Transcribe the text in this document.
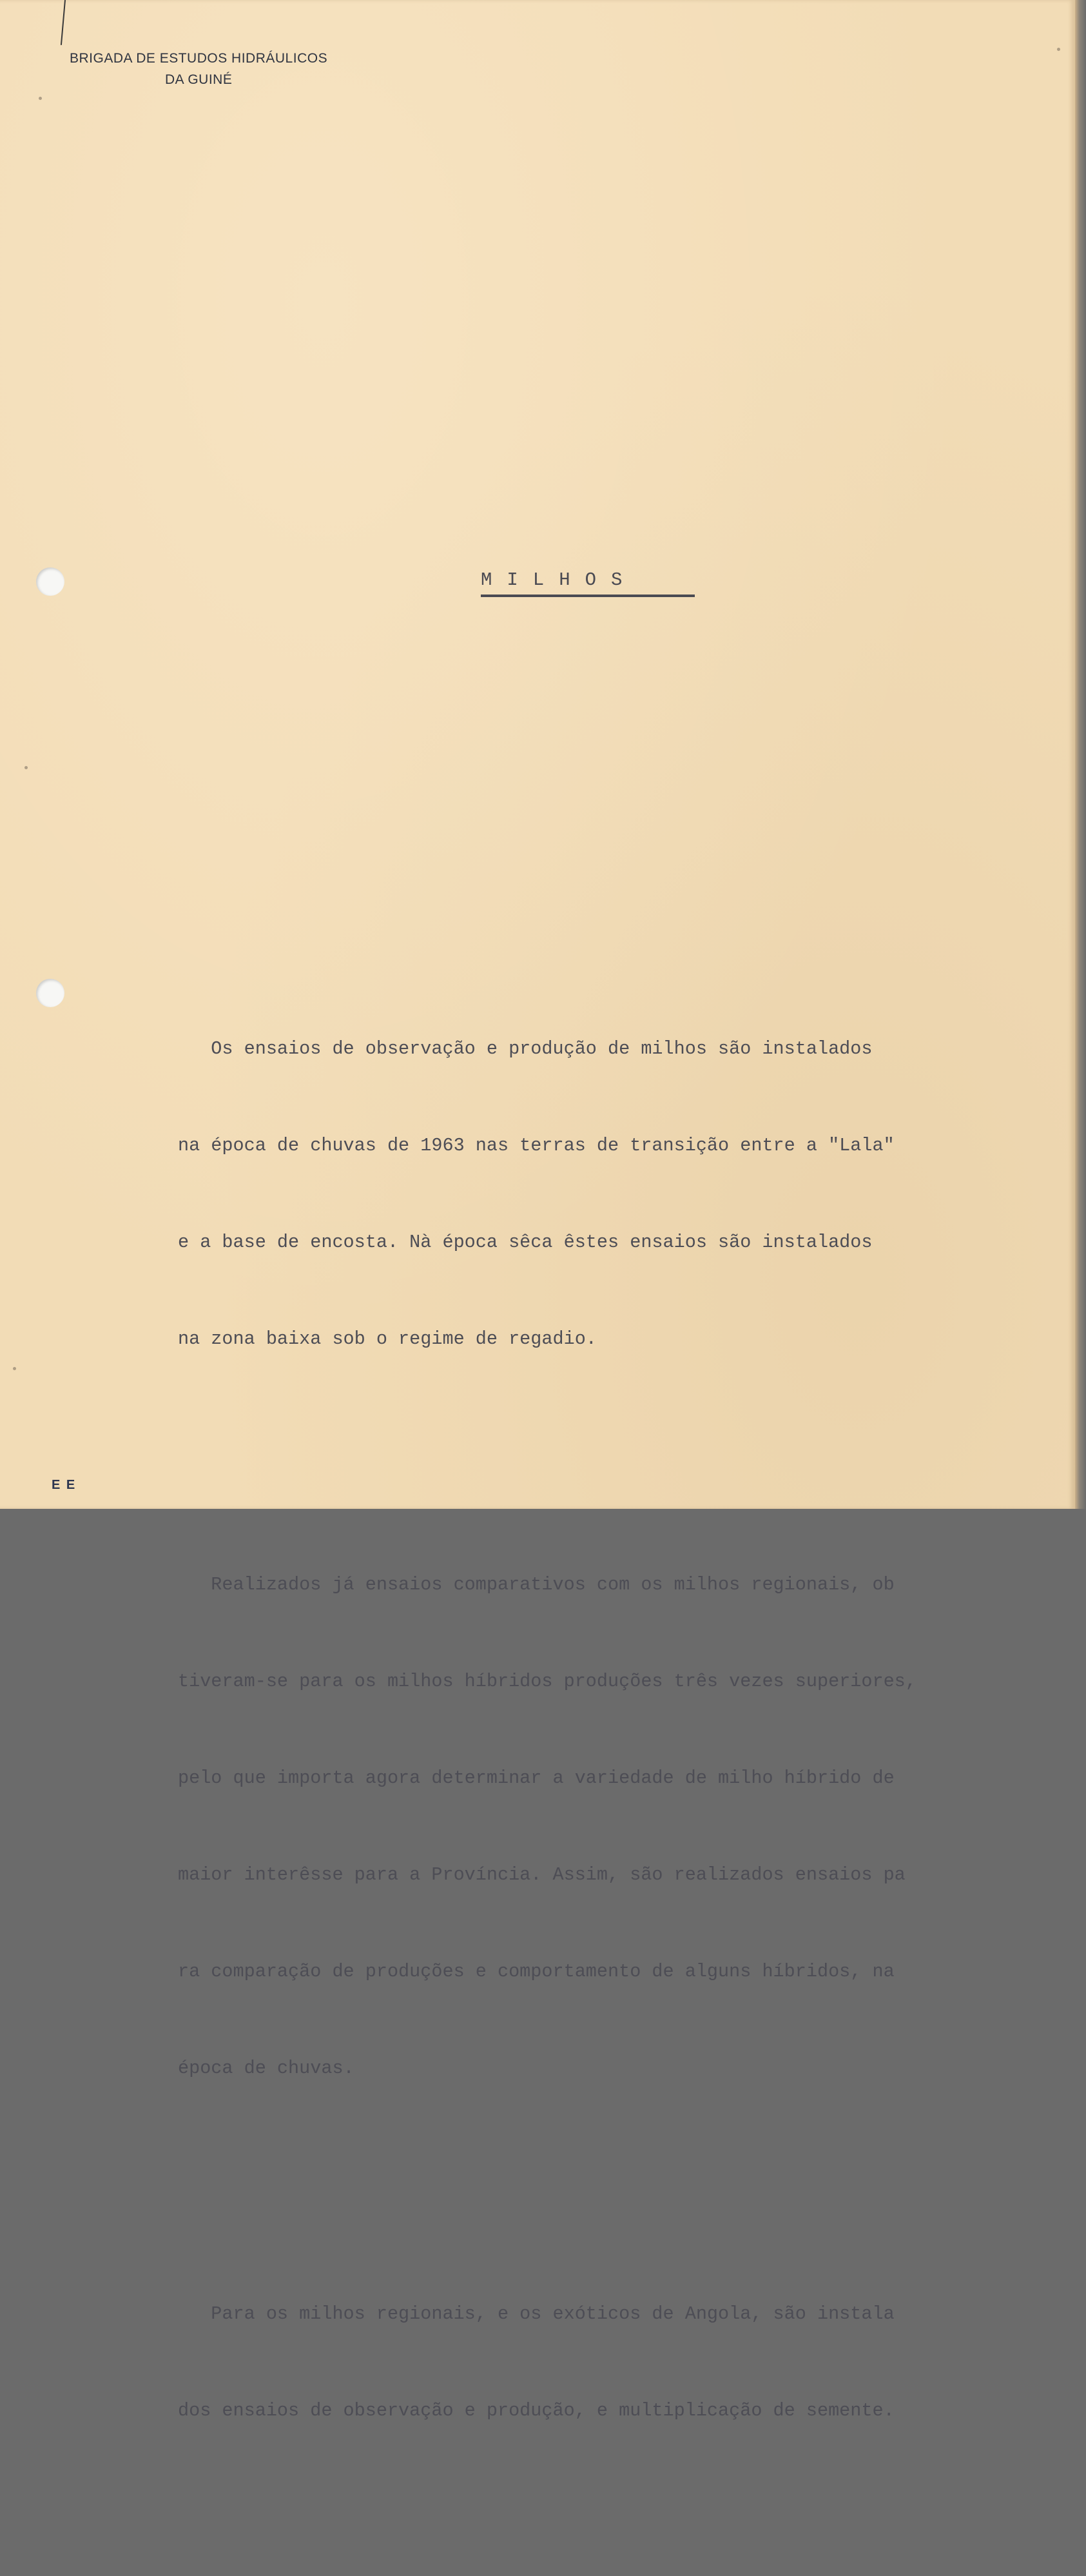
BRIGADA DE ESTUDOS HIDRÁULICOS
DA GUINÉ
MILHOS

Os ensaios de observação e produção de milhos são instalados

na época de chuvas de 1963 nas terras de transição entre a "Lala"

e a base de encosta. Nà época sêca êstes ensaios são instalados

na zona baixa sob o regime de regadio.

Realizados já ensaios comparativos com os milhos regionais, ob

tiveram-se para os milhos híbridos produções três vezes superiores,

pelo que importa agora determinar a variedade de milho híbrido de

maior interêsse para a Província. Assim, são realizados ensaios pa

ra comparação de produções e comportamento de alguns híbridos, na

época de chuvas.

Para os milhos regionais, e os exóticos de Angola, são instala

dos ensaios de observação e produção, e multiplicação de semente.

E E
